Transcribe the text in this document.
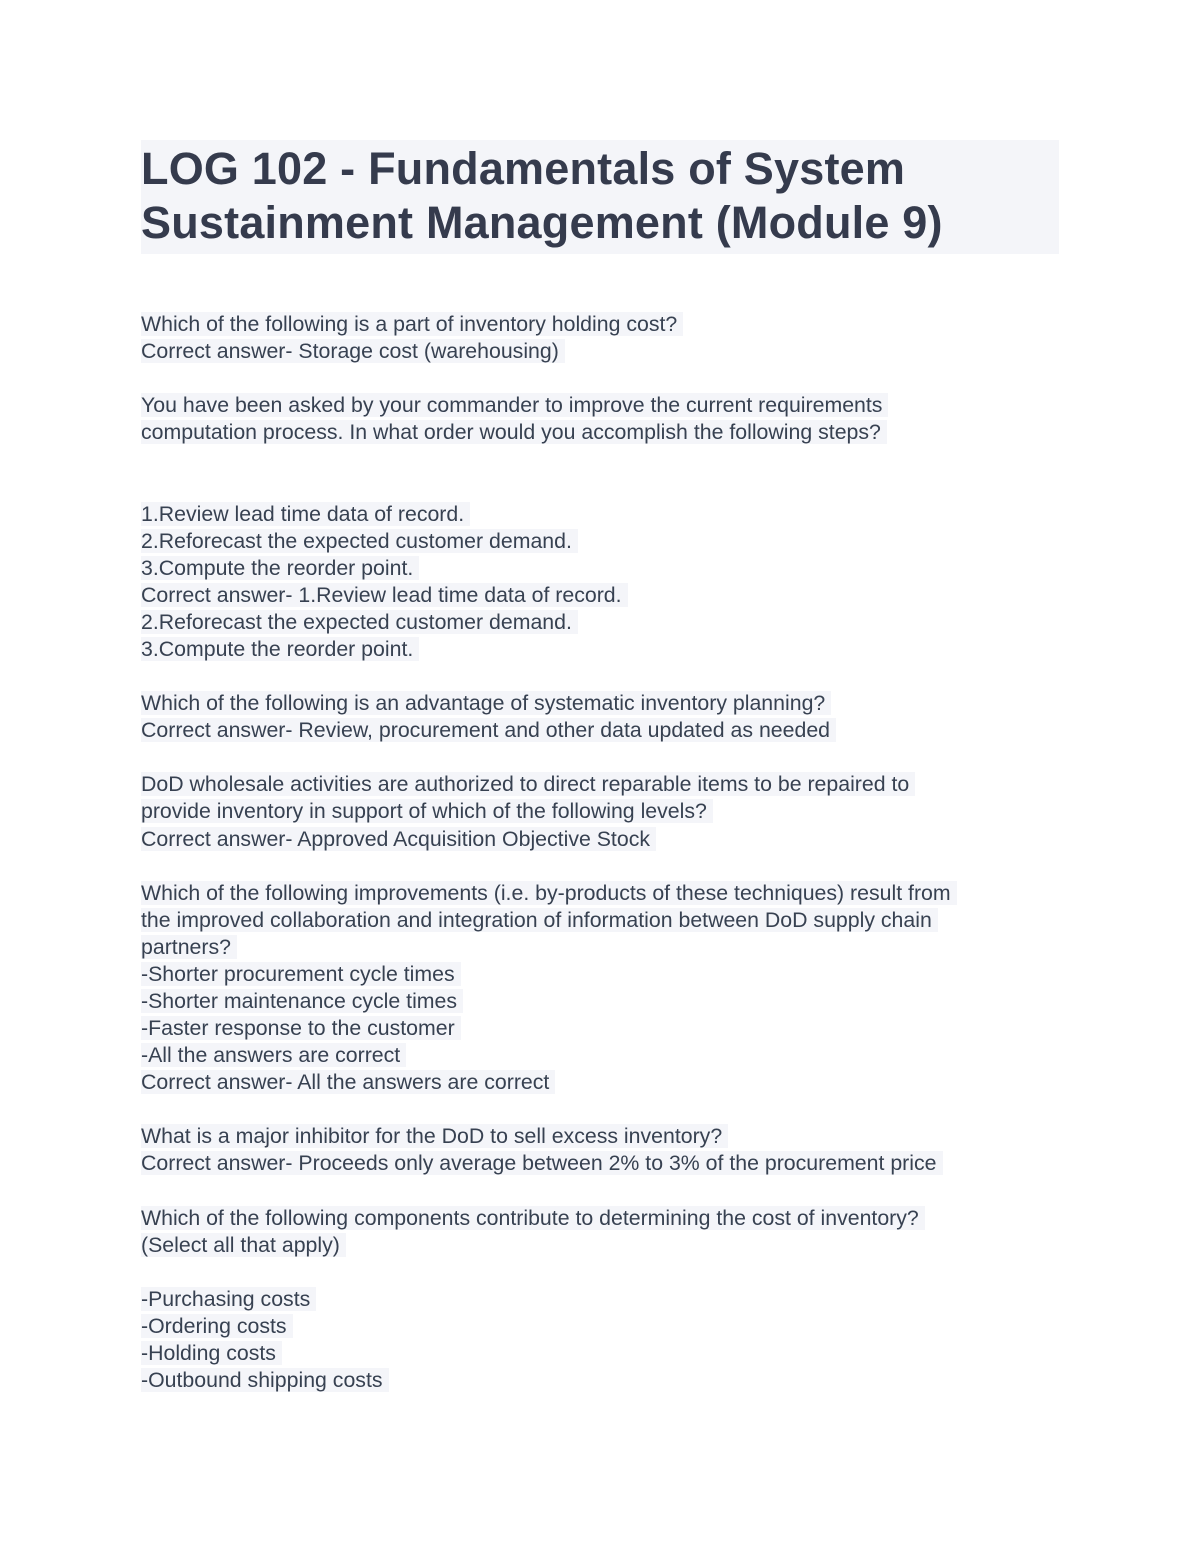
LOG 102 - Fundamentals of System
Sustainment Management (Module 9)
Which of the following is a part of inventory holding cost?
Correct answer- Storage cost (warehousing)
You have been asked by your commander to improve the current requirements
computation process. In what order would you accomplish the following steps?
1.Review lead time data of record.
2.Reforecast the expected customer demand.
3.Compute the reorder point.
Correct answer- 1.Review lead time data of record.
2.Reforecast the expected customer demand.
3.Compute the reorder point.
Which of the following is an advantage of systematic inventory planning?
Correct answer- Review, procurement and other data updated as needed
DoD wholesale activities are authorized to direct reparable items to be repaired to
provide inventory in support of which of the following levels?
Correct answer- Approved Acquisition Objective Stock
Which of the following improvements (i.e. by-products of these techniques) result from
the improved collaboration and integration of information between DoD supply chain
partners?
-Shorter procurement cycle times
-Shorter maintenance cycle times
-Faster response to the customer
-All the answers are correct
Correct answer- All the answers are correct
What is a major inhibitor for the DoD to sell excess inventory?
Correct answer- Proceeds only average between 2% to 3% of the procurement price
Which of the following components contribute to determining the cost of inventory?
(Select all that apply)
-Purchasing costs
-Ordering costs
-Holding costs
-Outbound shipping costs
